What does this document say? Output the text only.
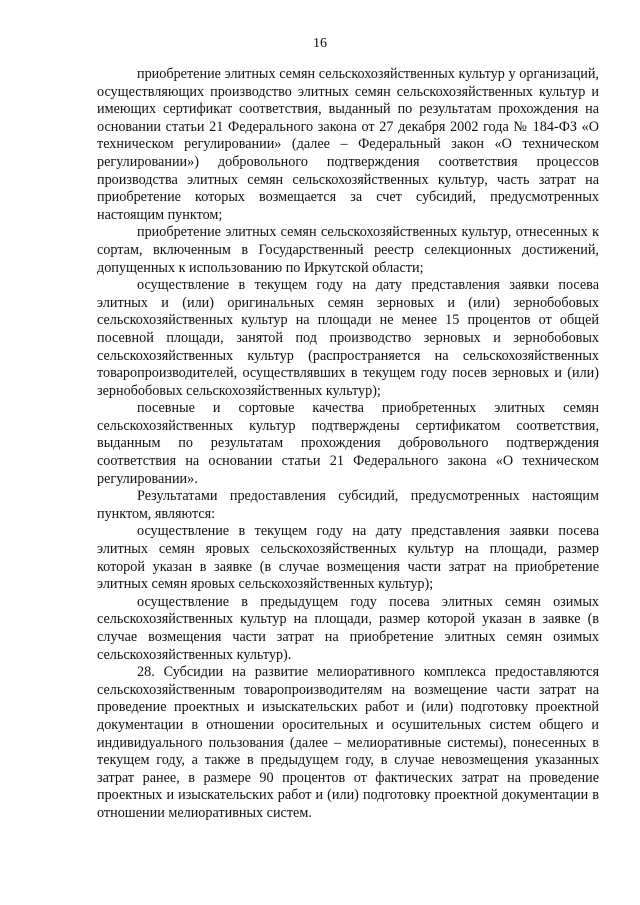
16

приобретение элитных семян сельскохозяйственных культур у организаций, осуществляющих производство элитных семян сельскохозяйственных культур и имеющих сертификат соответствия, выданный по результатам прохождения на основании статьи 21 Федерального закона от 27 декабря 2002 года № 184-ФЗ «О техническом регулировании» (далее – Федеральный закон «О техническом регулировании») добровольного подтверждения соответствия процессов производства элитных семян сельскохозяйственных культур, часть затрат на приобретение которых возмещается за счет субсидий, предусмотренных настоящим пунктом;

приобретение элитных семян сельскохозяйственных культур, отнесенных к сортам, включенным в Государственный реестр селекционных достижений, допущенных к использованию по Иркутской области;

осуществление в текущем году на дату представления заявки посева элитных и (или) оригинальных семян зерновых и (или) зернобобовых сельскохозяйственных культур на площади не менее 15 процентов от общей посевной площади, занятой под производство зерновых и зернобобовых сельскохозяйственных культур (распространяется на сельскохозяйственных товаропроизводителей, осуществлявших в текущем году посев зерновых и (или) зернобобовых сельскохозяйственных культур);

посевные и сортовые качества приобретенных элитных семян сельскохозяйственных культур подтверждены сертификатом соответствия, выданным по результатам прохождения добровольного подтверждения соответствия на основании статьи 21 Федерального закона «О техническом регулировании».

Результатами предоставления субсидий, предусмотренных настоящим пунктом, являются:

осуществление в текущем году на дату представления заявки посева элитных семян яровых сельскохозяйственных культур на площади, размер которой указан в заявке (в случае возмещения части затрат на приобретение элитных семян яровых сельскохозяйственных культур);

осуществление в предыдущем году посева элитных семян озимых сельскохозяйственных культур на площади, размер которой указан в заявке (в случае возмещения части затрат на приобретение элитных семян озимых сельскохозяйственных культур).

28. Субсидии на развитие мелиоративного комплекса предоставляются сельскохозяйственным товаропроизводителям на возмещение части затрат на проведение проектных и изыскательских работ и (или) подготовку проектной документации в отношении оросительных и осушительных систем общего и индивидуального пользования (далее – мелиоративные системы), понесенных в текущем году, а также в предыдущем году, в случае невозмещения указанных затрат ранее, в размере 90 процентов от фактических затрат на проведение проектных и изыскательских работ и (или) подготовку проектной документации в отношении мелиоративных систем.
